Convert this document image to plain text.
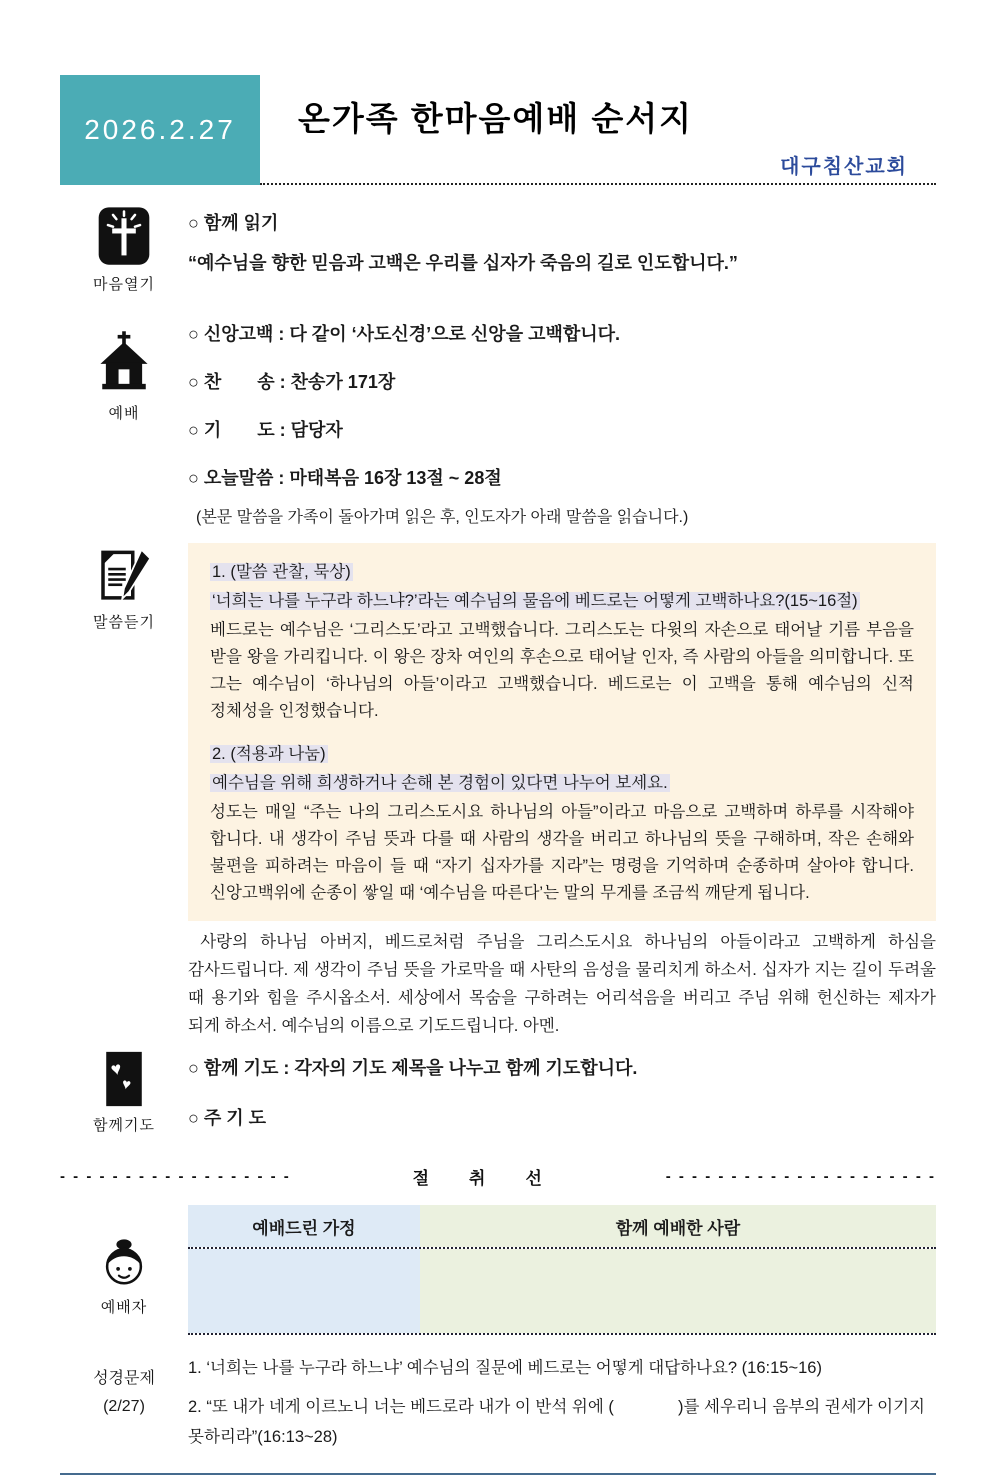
2026.2.27 온가족 한마음예배 순서지
대구침산교회
마음열기
○ 함께 읽기
“예수님을 향한 믿음과 고백은 우리를 십자가 죽음의 길로 인도합니다.”
예배
○ 신앙고백 : 다 같이 ‘사도신경’으로 신앙을 고백합니다.
○ 찬　　송 : 찬송가 171장
○ 기　　도 : 담당자
○ 오늘말씀 : 마태복음 16장 13절 ~ 28절
(본문 말씀을 가족이 돌아가며 읽은 후, 인도자가 아래 말씀을 읽습니다.)
말씀듣기
1. (말씀 관찰, 묵상)
‘너희는 나를 누구라 하느냐?’라는 예수님의 물음에 베드로는 어떻게 고백하나요?(15~16절)
베드로는 예수님은 ‘그리스도’라고 고백했습니다. 그리스도는 다윗의 자손으로 태어날 기름 부음을 받을 왕을 가리킵니다. 이 왕은 장차 여인의 후손으로 태어날 인자, 즉 사람의 아들을 의미합니다. 또 그는 예수님이 ‘하나님의 아들’이라고 고백했습니다. 베드로는 이 고백을 통해 예수님의 신적 정체성을 인정했습니다.
2. (적용과 나눔)
예수님을 위해 희생하거나 손해 본 경험이 있다면 나누어 보세요.
성도는 매일 “주는 나의 그리스도시요 하나님의 아들”이라고 마음으로 고백하며 하루를 시작해야 합니다. 내 생각이 주님 뜻과 다를 때 사람의 생각을 버리고 하나님의 뜻을 구해하며, 작은 손해와 불편을 피하려는 마음이 들 때 “자기 십자가를 지라”는 명령을 기억하며 순종하며 살아야 합니다. 신앙고백위에 순종이 쌓일 때 ‘예수님을 따른다’는 말의 무게를 조금씩 깨닫게 됩니다.
사랑의 하나님 아버지, 베드로처럼 주님을 그리스도시요 하나님의 아들이라고 고백하게 하심을 감사드립니다. 제 생각이 주님 뜻을 가로막을 때 사탄의 음성을 물리치게 하소서. 십자가 지는 길이 두려울 때 용기와 힘을 주시옵소서. 세상에서 목숨을 구하려는 어리석음을 버리고 주님 위해 헌신하는 제자가 되게 하소서. 예수님의 이름으로 기도드립니다. 아멘.
♥
♥
함께기도
○ 함께 기도 : 각자의 기도 제목을 나누고 함께 기도합니다.
○ 주 기 도
- - - - - - - - - - - - - - - - - -	절　　취　　선	- - - - - - - - - - - - - - - - - - - - -
예배자
예배드린 가정	함께 예배한 사람
성경문제
(2/27)
1. ‘너희는 나를 누구라 하느냐’ 예수님의 질문에 베드로는 어떻게 대답하나요? (16:15~16)
2. “또 내가 네게 이르노니 너는 베드로라 내가 이 반석 위에 (              )를 세우리니 음부의 권세가 이기지 못하리라”(16:13~28)
